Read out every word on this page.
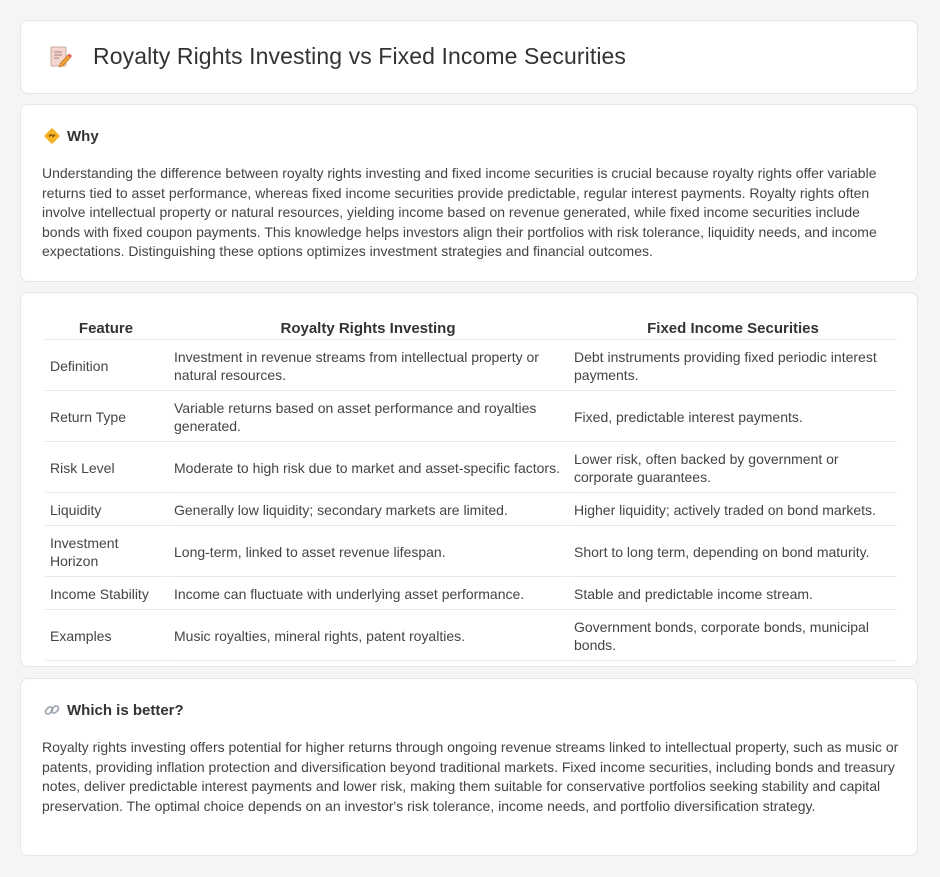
Royalty Rights Investing vs Fixed Income Securities
Why

Understanding the difference between royalty rights investing and fixed income securities is crucial because royalty rights offer variable returns tied to asset performance, whereas fixed income securities provide predictable, regular interest payments. Royalty rights often involve intellectual property or natural resources, yielding income based on revenue generated, while fixed income securities include bonds with fixed coupon payments. This knowledge helps investors align their portfolios with risk tolerance, liquidity needs, and income expectations. Distinguishing these options optimizes investment strategies and financial outcomes.

Feature	Royalty Rights Investing	Fixed Income Securities
Definition	Investment in revenue streams from intellectual property or natural resources.	Debt instruments providing fixed periodic interest payments.
Return Type	Variable returns based on asset performance and royalties generated.	Fixed, predictable interest payments.
Risk Level	Moderate to high risk due to market and asset-specific factors.	Lower risk, often backed by government or corporate guarantees.
Liquidity	Generally low liquidity; secondary markets are limited.	Higher liquidity; actively traded on bond markets.
Investment Horizon	Long-term, linked to asset revenue lifespan.	Short to long term, depending on bond maturity.
Income Stability	Income can fluctuate with underlying asset performance.	Stable and predictable income stream.
Examples	Music royalties, mineral rights, patent royalties.	Government bonds, corporate bonds, municipal bonds.
Which is better?

Royalty rights investing offers potential for higher returns through ongoing revenue streams linked to intellectual property, such as music or patents, providing inflation protection and diversification beyond traditional markets. Fixed income securities, including bonds and treasury notes, deliver predictable interest payments and lower risk, making them suitable for conservative portfolios seeking stability and capital preservation. The optimal choice depends on an investor's risk tolerance, income needs, and portfolio diversification strategy.
